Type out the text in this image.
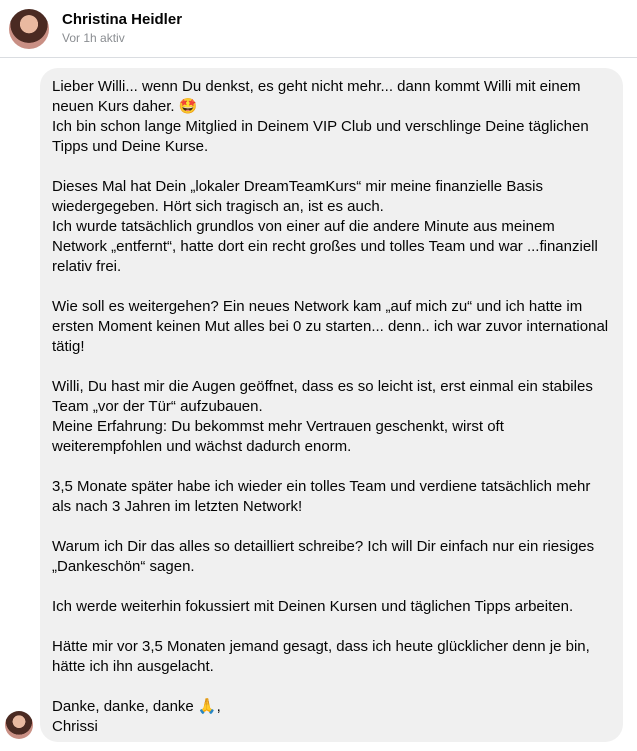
Christina Heidler
Vor 1h aktiv

Lieber Willi... wenn Du denkst, es geht nicht mehr... dann kommt Willi mit einem neuen Kurs daher. 🤩
Ich bin schon lange Mitglied in Deinem VIP Club und verschlinge Deine täglichen Tipps und Deine Kurse.

Dieses Mal hat Dein „lokaler DreamTeamKurs“ mir meine finanzielle Basis wiedergegeben. Hört sich tragisch an, ist es auch.
Ich wurde tatsächlich grundlos von einer auf die andere Minute aus meinem Network „entfernt“, hatte dort ein recht großes und tolles Team und war ...finanziell relativ frei.

Wie soll es weitergehen? Ein neues Network kam „auf mich zu“ und ich hatte im ersten Moment keinen Mut alles bei 0 zu starten... denn.. ich war zuvor international tätig!

Willi, Du hast mir die Augen geöffnet, dass es so leicht ist, erst einmal ein stabiles Team „vor der Tür“ aufzubauen.
Meine Erfahrung: Du bekommst mehr Vertrauen geschenkt, wirst oft weiterempfohlen und wächst dadurch enorm.

3,5 Monate später habe ich wieder ein tolles Team und verdiene tatsächlich mehr als nach 3 Jahren im letzten Network!

Warum ich Dir das alles so detailliert schreibe? Ich will Dir einfach nur ein riesiges „Dankeschön“ sagen.

Ich werde weiterhin fokussiert mit Deinen Kursen und täglichen Tipps arbeiten.

Hätte mir vor 3,5 Monaten jemand gesagt, dass ich heute glücklicher denn je bin, hätte ich ihn ausgelacht.

Danke, danke, danke 🙏,
Chrissi
